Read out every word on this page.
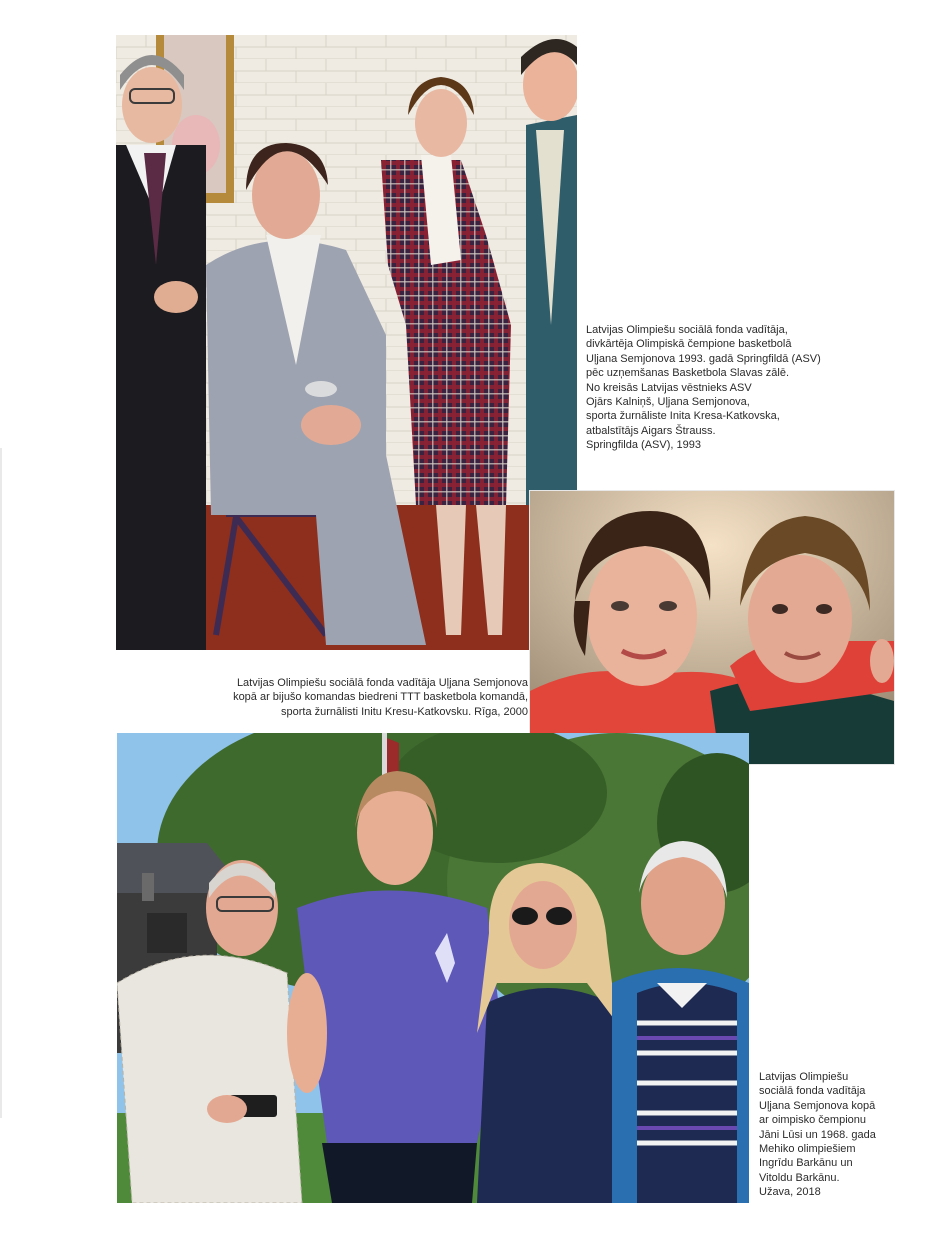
Latvijas Olimpiešu sociālā fonda vadītāja,
divkārtēja Olimpiskā čempione basketbolā
Uļjana Semjonova 1993. gadā Springfildā (ASV)
pēc uzņemšanas Basketbola Slavas zālē.
No kreisās Latvijas vēstnieks ASV
Ojārs Kalniņš, Uļjana Semjonova,
sporta žurnāliste Inita Kresa-Katkovska,
atbalstītājs Aigars Štrauss.
Springfilda (ASV), 1993
Latvijas Olimpiešu sociālā fonda vadītāja Uļjana Semjonova
kopā ar bijušo komandas biedreni TTT basketbola komandā,
sporta žurnālisti Initu Kresu-Katkovsku. Rīga, 2000
Latvijas Olimpiešu
sociālā fonda vadītāja
Uļjana Semjonova kopā
ar oimpisko čempionu
Jāni Lūsi un 1968. gada
Mehiko olimpiešiem
Ingrīdu Barkānu un
Vitoldu Barkānu.
Užava, 2018
